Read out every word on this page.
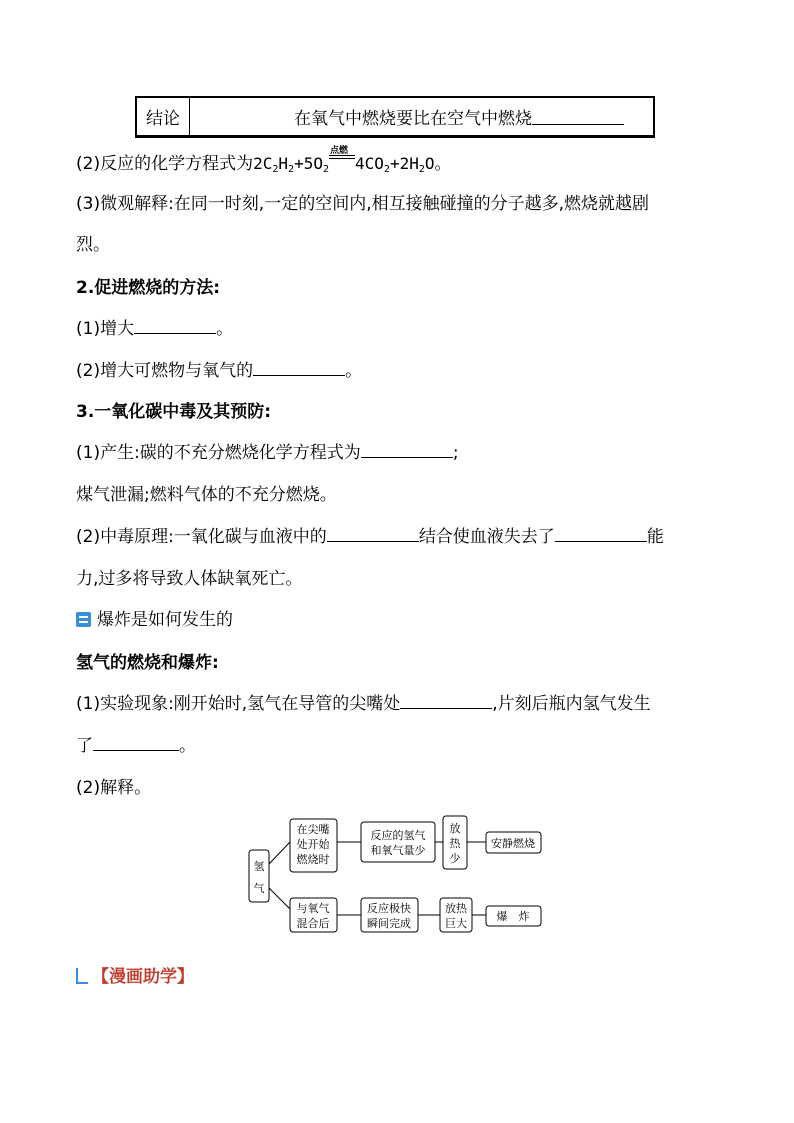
结论	在氧气中燃烧要比在空气中燃烧
(2)反应的化学方程式为$2C_2H_2+5O_2$
点燃
$4CO_2+2H_2O$。
(3)微观解释:在同一时刻,一定的空间内,相互接触碰撞的分子越多,燃烧就越剧
烈。
2.促进燃烧的方法:
(1)增大	。
(2)增大可燃物与氧气的	。
3.一氧化碳中毒及其预防:
(1)产生:碳的不充分燃烧化学方程式为	;
煤气泄漏;燃料气体的不充分燃烧。
(2)中毒原理:一氧化碳与血液中的	结合使血液失去了	能
力,过多将导致人体缺氧死亡。
爆炸是如何发生的
氢气的燃烧和爆炸:
(1)实验现象:刚开始时,氢气在导管的尖嘴处	,片刻后瓶内氢气发生
了	。
(2)解释。
氢
气
在尖嘴
处开始
燃烧时
反应的氢气
和氧气量少
放
热
少
安静燃烧
与氧气
混合后
反应极快
瞬间完成
放热
巨大
爆　炸
【漫画助学】
